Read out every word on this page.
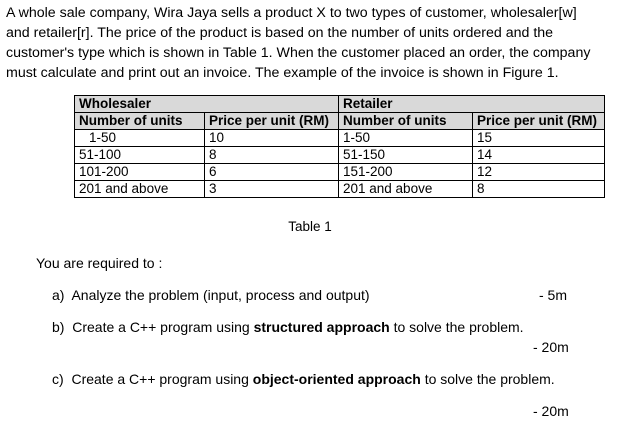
A whole sale company, Wira Jaya sells a product X to two types of customer, wholesaler[w]
and retailer[r]. The price of the product is based on the number of units ordered and the
customer's type which is shown in Table 1. When the customer placed an order, the company
must calculate and print out an invoice. The example of the invoice is shown in Figure 1.
Wholesaler		Retailer	
Number of units	Price per unit (RM)	Number of units	Price per unit (RM)
1-50	10	1-50	15
51-100	8	51-150	14
101-200	6	151-200	12
201 and above	3	201 and above	8
Table 1
You are required to :
a) Analyze the problem (input, process and output)	- 5m
b) Create a C++ program using structured approach to solve the problem.
- 20m
c) Create a C++ program using object-oriented approach to solve the problem.
- 20m
